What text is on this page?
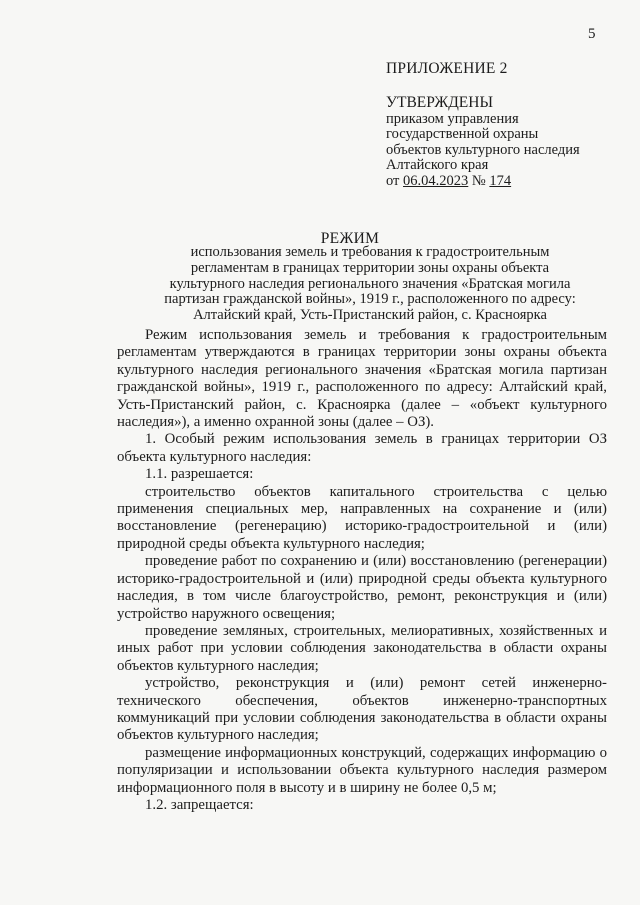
5
ПРИЛОЖЕНИЕ 2
УТВЕРЖДЕНЫ
приказом управления
государственной охраны
объектов культурного наследия
Алтайского края
от 06.04.2023 № 174
РЕЖИМ
использования земель и требования к градостроительным
регламентам в границах территории зоны охраны объекта
культурного наследия регионального значения «Братская могила
партизан гражданской войны», 1919 г., расположенного по адресу:
Алтайский край, Усть-Пристанский район, с. Красноярка

Режим использования земель и требования к градостроительным регламентам утверждаются в границах территории зоны охраны объекта культурного наследия регионального значения «Братская могила партизан гражданской войны», 1919 г., расположенного по адресу: Алтайский край, Усть-Пристанский район, с. Красноярка (далее – «объект культурного наследия»), а именно охранной зоны (далее – ОЗ).

1. Особый режим использования земель в границах территории ОЗ объекта культурного наследия:

1.1. разрешается:

строительство объектов капитального строительства с целью применения специальных мер, направленных на сохранение и (или) восстановление (регенерацию) историко-градостроительной и (или) природной среды объекта культурного наследия;

проведение работ по сохранению и (или) восстановлению (регенерации) историко-градостроительной и (или) природной среды объекта культурного наследия, в том числе благоустройство, ремонт, реконструкция и (или) устройство наружного освещения;

проведение земляных, строительных, мелиоративных, хозяйственных и иных работ при условии соблюдения законодательства в области охраны объектов культурного наследия;

устройство, реконструкция и (или) ремонт сетей инженерно-технического обеспечения, объектов инженерно-транспортных коммуникаций при условии соблюдения законодательства в области охраны объектов культурного наследия;

размещение информационных конструкций, содержащих информацию о популяризации и использовании объекта культурного наследия размером информационного поля в высоту и в ширину не более 0,5 м;

1.2. запрещается:
